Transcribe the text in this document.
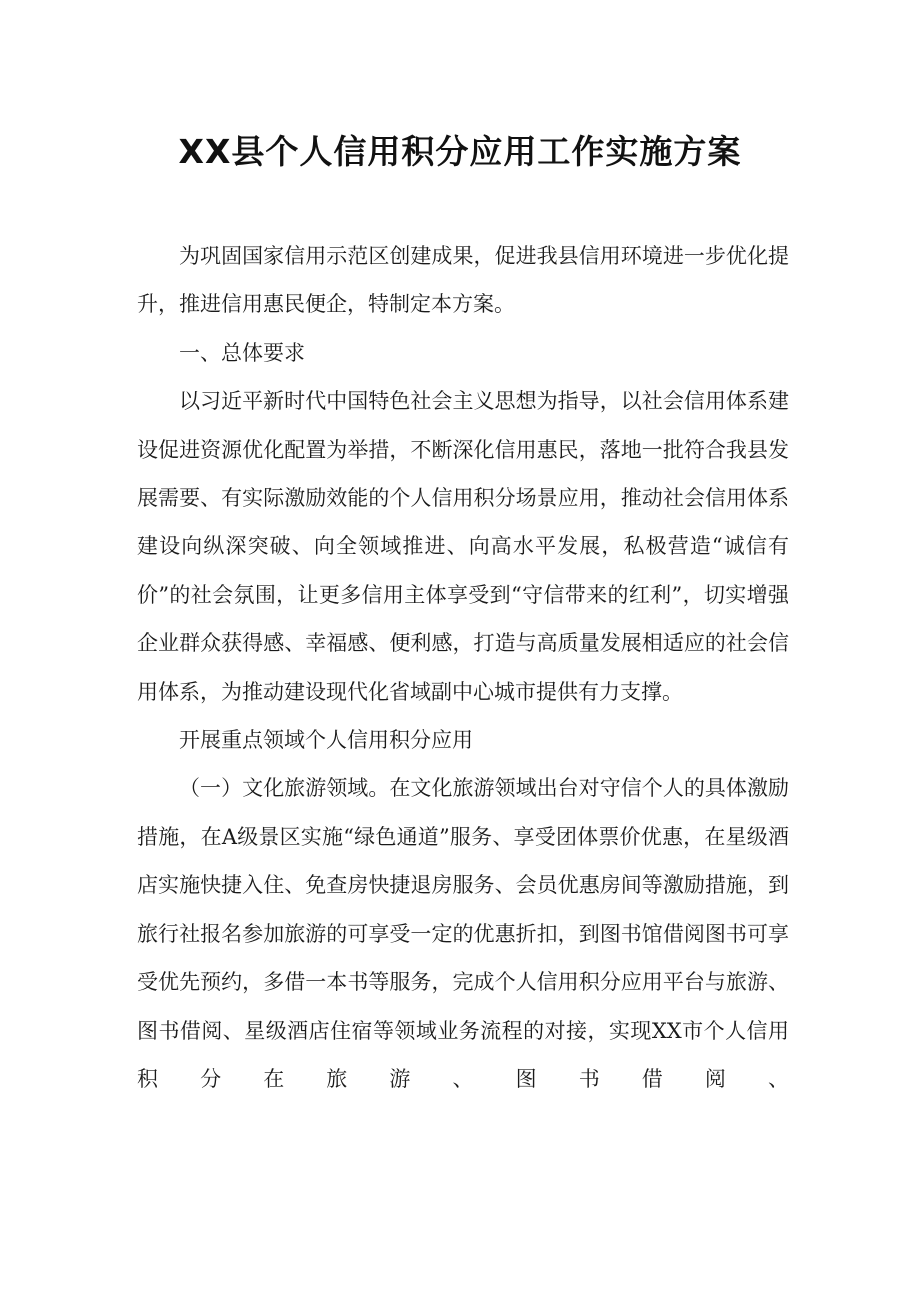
XX县个人信用积分应用工作实施方案

为巩固国家信用示范区创建成果，促进我县信用环境进一步优化提升，推进信用惠民便企，特制定本方案。

一、总体要求

以习近平新时代中国特色社会主义思想为指导，以社会信用体系建设促进资源优化配置为举措，不断深化信用惠民，落地一批符合我县发展需要、有实际激励效能的个人信用积分场景应用，推动社会信用体系建设向纵深突破、向全领域推进、向高水平发展，私极营造“诚信有价”的社会氛围，让更多信用主体享受到“守信带来的红利”，切实增强企业群众获得感、幸福感、便利感，打造与高质量发展相适应的社会信用体系，为推动建设现代化省域副中心城市提供有力支撑。

开展重点领域个人信用积分应用

（一）文化旅游领域。在文化旅游领域出台对守信个人的具体激励措施，在A级景区实施“绿色通道”服务、享受团体票价优惠，在星级酒店实施快捷入住、免查房快捷退房服务、会员优惠房间等激励措施，到旅行社报名参加旅游的可享受一定的优惠折扣，到图书馆借阅图书可享受优先预约，多借一本书等服务，完成个人信用积分应用平台与旅游、图书借阅、星级酒店住宿等领域业务流程的对接，实现XX市个人信用积分在旅游、图书借阅、
